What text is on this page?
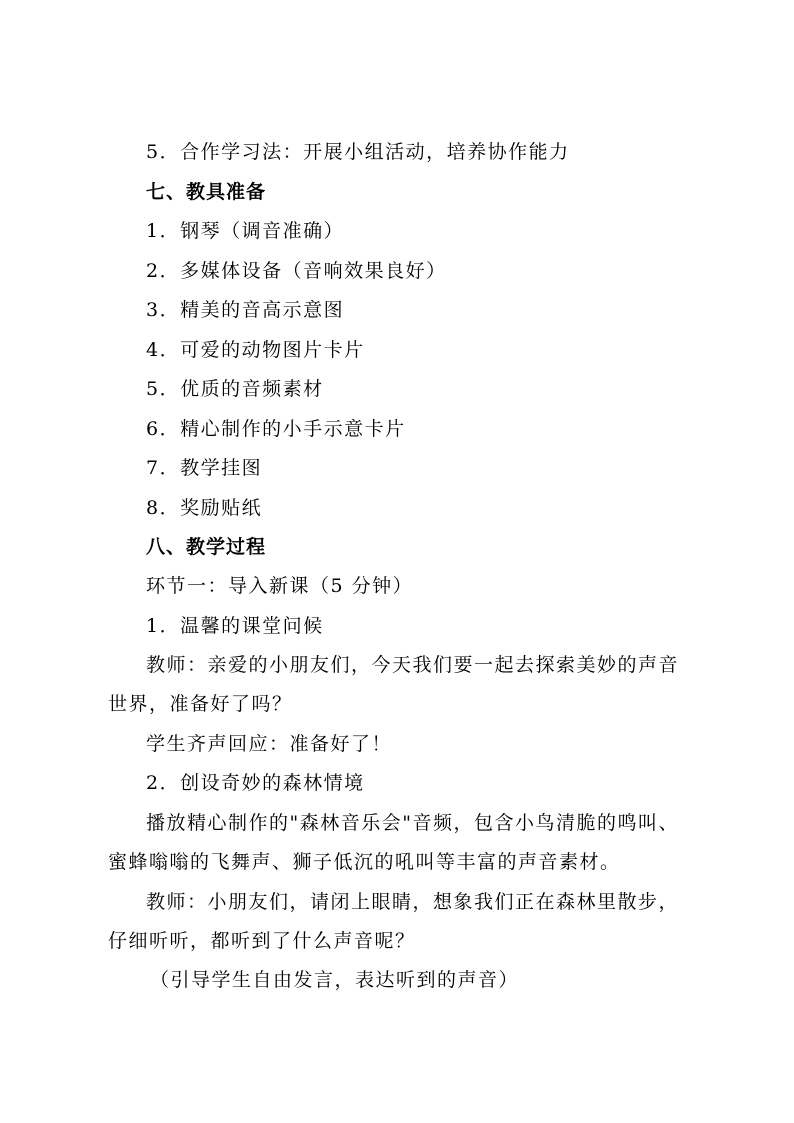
5．合作学习法：开展小组活动，培养协作能力
七、教具准备
1．钢琴（调音准确）
2．多媒体设备（音响效果良好）
3．精美的音高示意图
4．可爱的动物图片卡片
5．优质的音频素材
6．精心制作的小手示意卡片
7．教学挂图
8．奖励贴纸
八、教学过程
环节一：导入新课（5 分钟）
1．温馨的课堂问候
教师：亲爱的小朋友们，今天我们要一起去探索美妙的声音
世界，准备好了吗？
学生齐声回应：准备好了！
2．创设奇妙的森林情境
播放精心制作的"森林音乐会"音频，包含小鸟清脆的鸣叫、
蜜蜂嗡嗡的飞舞声、狮子低沉的吼叫等丰富的声音素材。
教师：小朋友们，请闭上眼睛，想象我们正在森林里散步，
仔细听听，都听到了什么声音呢？
（引导学生自由发言，表达听到的声音）
